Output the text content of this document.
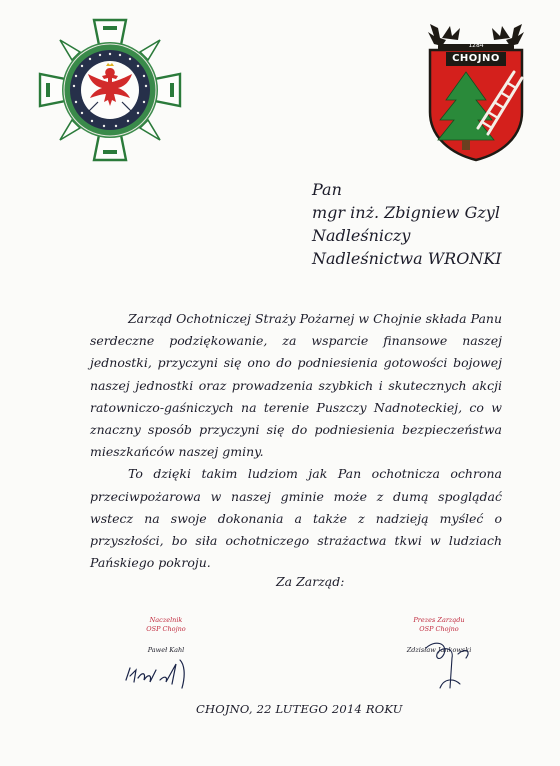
1284
CHOJNO
Pan
mgr inż. Zbigniew Gzyl
Nadleśniczy
Nadleśnictwa WRONKI

Zarząd Ochotniczej Straży Pożarnej w Chojnie składa Panu serdeczne podziękowanie, za wsparcie finansowe naszej jednostki, przyczyni się ono do podniesienia gotowości bojowej naszej jednostki oraz prowadzenia szybkich i skutecznych akcji ratowniczo-gaśniczych na terenie Puszczy Nadnoteckiej, co w znaczny sposób przyczyni się do podniesienia bezpieczeństwa mieszkańców naszej gminy.

To dzięki takim ludziom jak Pan ochotnicza ochrona przeciwpożarowa w naszej gminie może z dumą spoglądać wstecz na swoje dokonania a także z nadzieją myśleć o przyszłości, bo siła ochotniczego strażactwa tkwi w ludziach Pańskiego pokroju.

Za Zarząd:
Naczelnik
OSP Chojno
Paweł Kahl
Prezes Zarządu
OSP Chojno
Zdzisław Jankowski
CHOJNO, 22 LUTEGO 2014 ROKU
